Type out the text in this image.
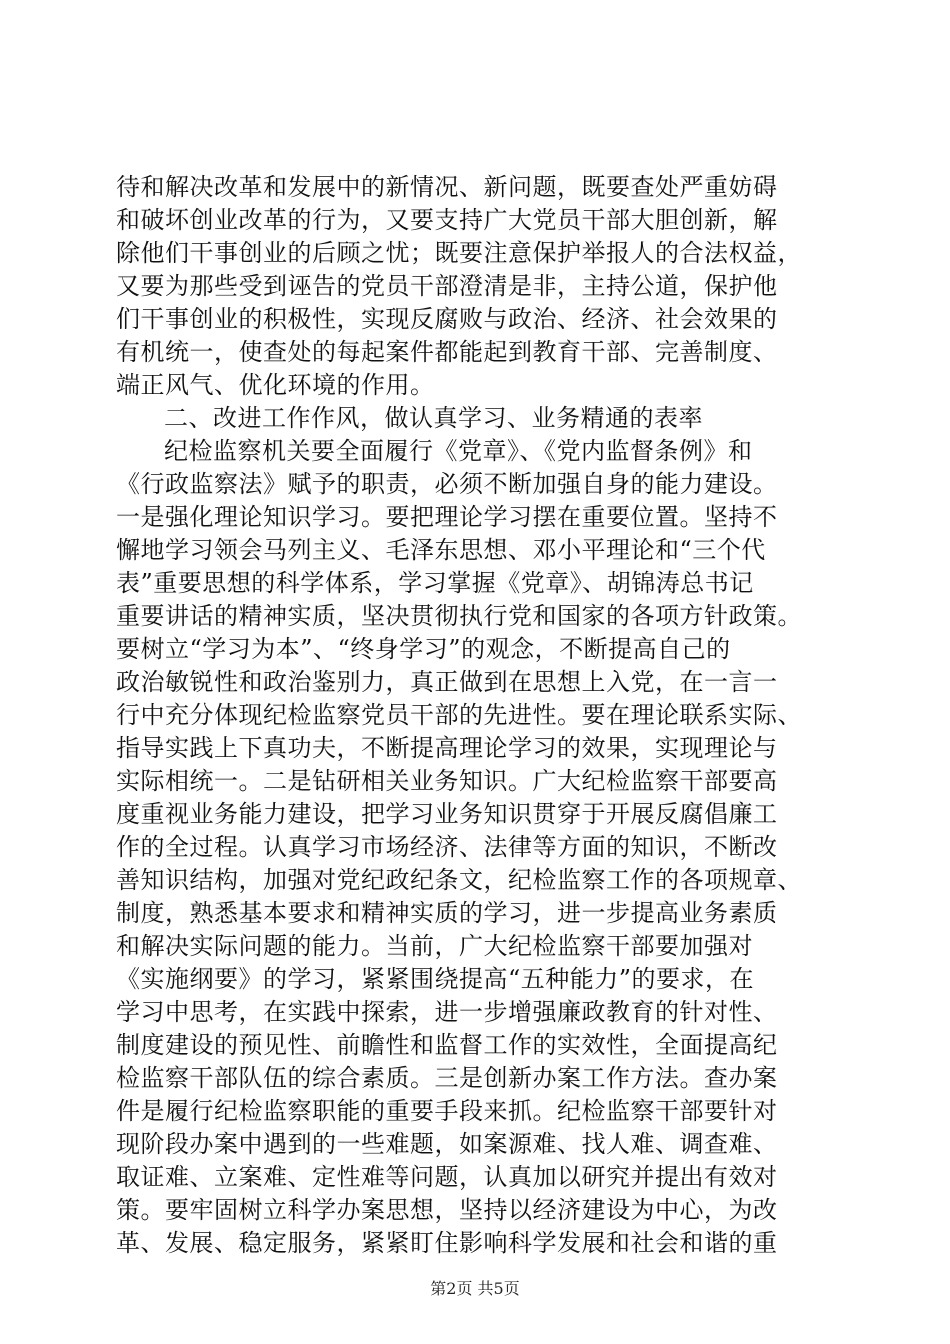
待和解决改革和发展中的新情况、新问题，既要查处严重妨碍
和破坏创业改革的行为，又要支持广大党员干部大胆创新，解
除他们干事创业的后顾之忧；既要注意保护举报人的合法权益，
又要为那些受到诬告的党员干部澄清是非，主持公道，保护他
们干事创业的积极性，实现反腐败与政治、经济、社会效果的
有机统一，使查处的每起案件都能起到教育干部、完善制度、
端正风气、优化环境的作用。
二、改进工作作风，做认真学习、业务精通的表率
纪检监察机关要全面履行《党章》、《党内监督条例》和
《行政监察法》赋予的职责，必须不断加强自身的能力建设。
一是强化理论知识学习。要把理论学习摆在重要位置。坚持不
懈地学习领会马列主义、毛泽东思想、邓小平理论和“三个代
表”重要思想的科学体系，学习掌握《党章》、胡锦涛总书记
重要讲话的精神实质，坚决贯彻执行党和国家的各项方针政策。
要树立“学习为本”、“终身学习”的观念，不断提高自己的
政治敏锐性和政治鉴别力，真正做到在思想上入党，在一言一
行中充分体现纪检监察党员干部的先进性。要在理论联系实际、
指导实践上下真功夫，不断提高理论学习的效果，实现理论与
实际相统一。二是钻研相关业务知识。广大纪检监察干部要高
度重视业务能力建设，把学习业务知识贯穿于开展反腐倡廉工
作的全过程。认真学习市场经济、法律等方面的知识，不断改
善知识结构，加强对党纪政纪条文，纪检监察工作的各项规章、
制度，熟悉基本要求和精神实质的学习，进一步提高业务素质
和解决实际问题的能力。当前，广大纪检监察干部要加强对
《实施纲要》的学习，紧紧围绕提高“五种能力”的要求，在
学习中思考，在实践中探索，进一步增强廉政教育的针对性、
制度建设的预见性、前瞻性和监督工作的实效性，全面提高纪
检监察干部队伍的综合素质。三是创新办案工作方法。查办案
件是履行纪检监察职能的重要手段来抓。纪检监察干部要针对
现阶段办案中遇到的一些难题，如案源难、找人难、调查难、
取证难、立案难、定性难等问题，认真加以研究并提出有效对
策。要牢固树立科学办案思想，坚持以经济建设为中心，为改
革、发展、稳定服务，紧紧盯住影响科学发展和社会和谐的重
第2页 共5页
